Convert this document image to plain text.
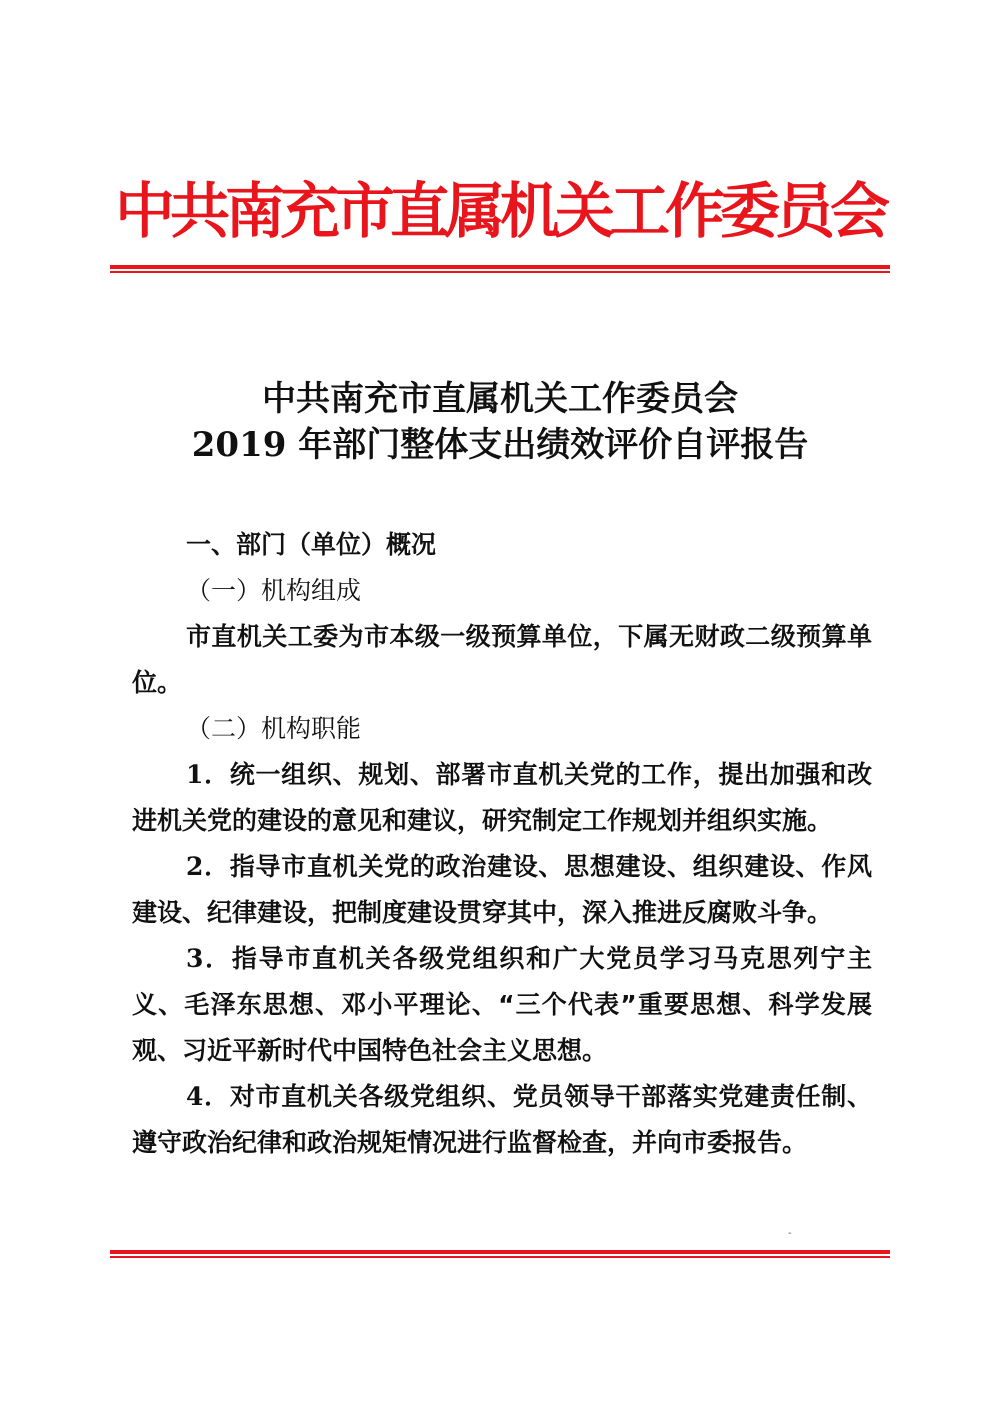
中共南充市直属机关工作委员会
中共南充市直属机关工作委员会
2019 年部门整体支出绩效评价自评报告

一、部门（单位）概况

（一）机构组成

市直机关工委为市本级一级预算单位，下属无财政二级预算单位。

（二）机构职能

1．统一组织、规划、部署市直机关党的工作，提出加强和改进机关党的建设的意见和建议，研究制定工作规划并组织实施。

2．指导市直机关党的政治建设、思想建设、组织建设、作风建设、纪律建设，把制度建设贯穿其中，深入推进反腐败斗争。

3．指导市直机关各级党组织和广大党员学习马克思列宁主义、毛泽东思想、邓小平理论、“三个代表”重要思想、科学发展观、习近平新时代中国特色社会主义思想。

4．对市直机关各级党组织、党员领导干部落实党建责任制、遵守政治纪律和政治规矩情况进行监督检查，并向市委报告。

-
